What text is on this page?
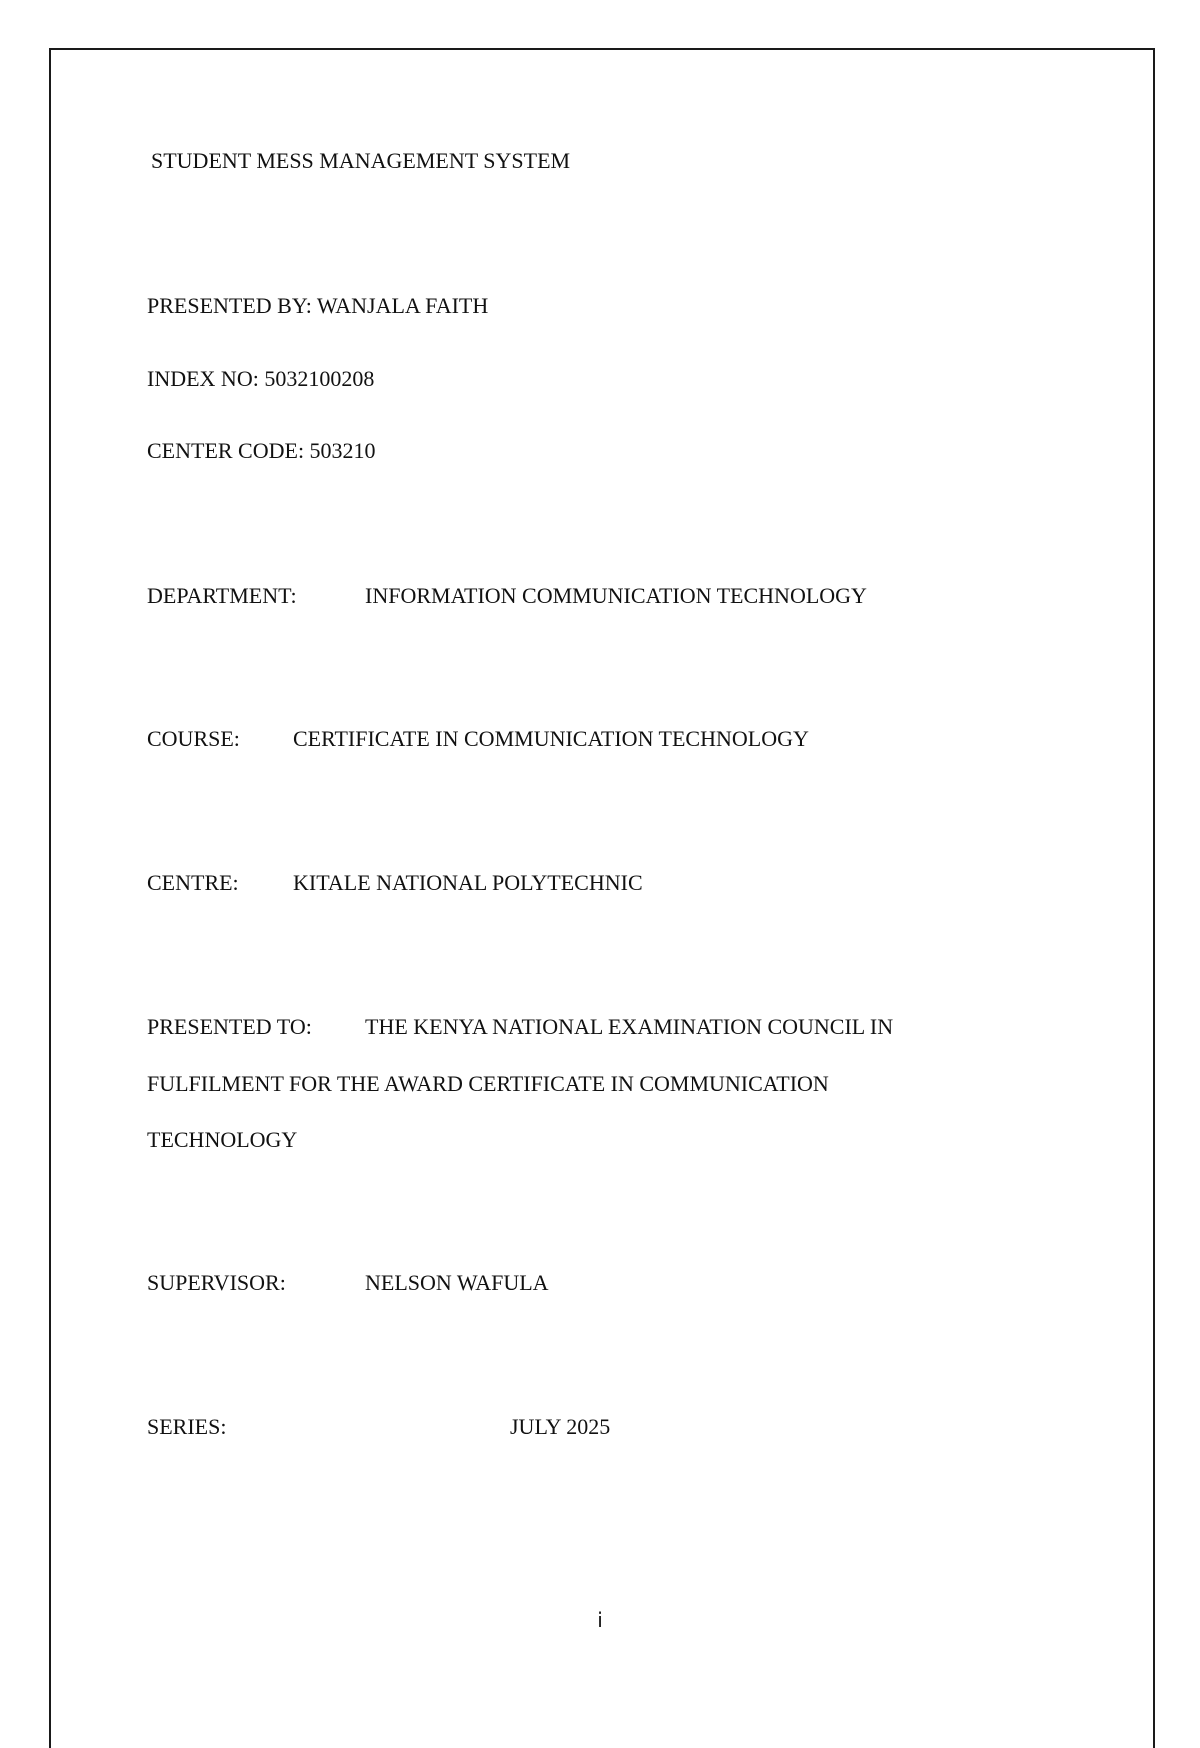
STUDENT MESS MANAGEMENT SYSTEM
PRESENTED BY: WANJALA FAITH
INDEX NO: 5032100208
CENTER CODE: 503210
DEPARTMENT:	INFORMATION COMMUNICATION TECHNOLOGY
COURSE: CERTIFICATE IN COMMUNICATION TECHNOLOGY
CENTRE: KITALE NATIONAL POLYTECHNIC
PRESENTED TO: THE KENYA NATIONAL EXAMINATION COUNCIL IN
FULFILMENT FOR THE AWARD CERTIFICATE IN COMMUNICATION
TECHNOLOGY
SUPERVISOR:	NELSON WAFULA
SERIES:	JULY 2025
i
